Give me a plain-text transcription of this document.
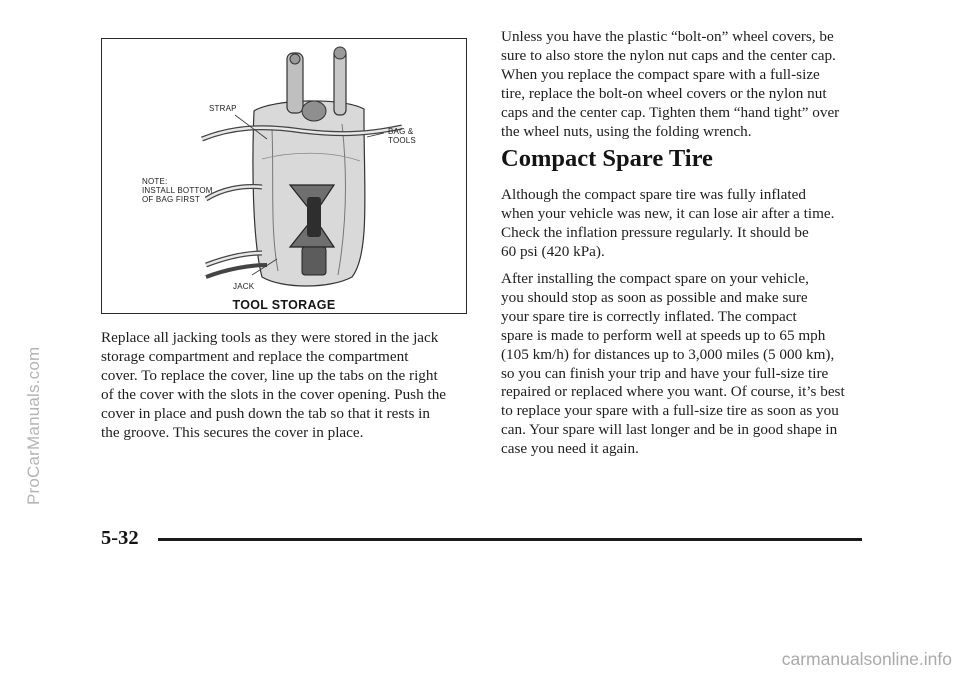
STRAP
BAG &
TOOLS
NOTE:
INSTALL BOTTOM
OF BAG FIRST
JACK
TOOL STORAGE

Replace all jacking tools as they were stored in the jack
storage compartment and replace the compartment
cover. To replace the cover, line up the tabs on the right
of the cover with the slots in the cover opening. Push the
cover in place and push down the tab so that it rests in
the groove. This secures the cover in place.

Unless you have the plastic “bolt-on” wheel covers, be
sure to also store the nylon nut caps and the center cap.
When you replace the compact spare with a full-size
tire, replace the bolt-on wheel covers or the nylon nut
caps and the center cap. Tighten them “hand tight” over
the wheel nuts, using the folding wrench.

Compact Spare Tire

Although the compact spare tire was fully inflated
when your vehicle was new, it can lose air after a time.
Check the inflation pressure regularly. It should be
60 psi (420 kPa).

After installing the compact spare on your vehicle,
you should stop as soon as possible and make sure
your spare tire is correctly inflated. The compact
spare is made to perform well at speeds up to 65 mph
(105 km/h) for distances up to 3,000 miles (5 000 km),
so you can finish your trip and have your full-size tire
repaired or replaced where you want. Of course, it’s best
to replace your spare with a full-size tire as soon as you
can. Your spare will last longer and be in good shape in
case you need it again.

5-32
ProCarManuals.com
carmanualsonline.info
